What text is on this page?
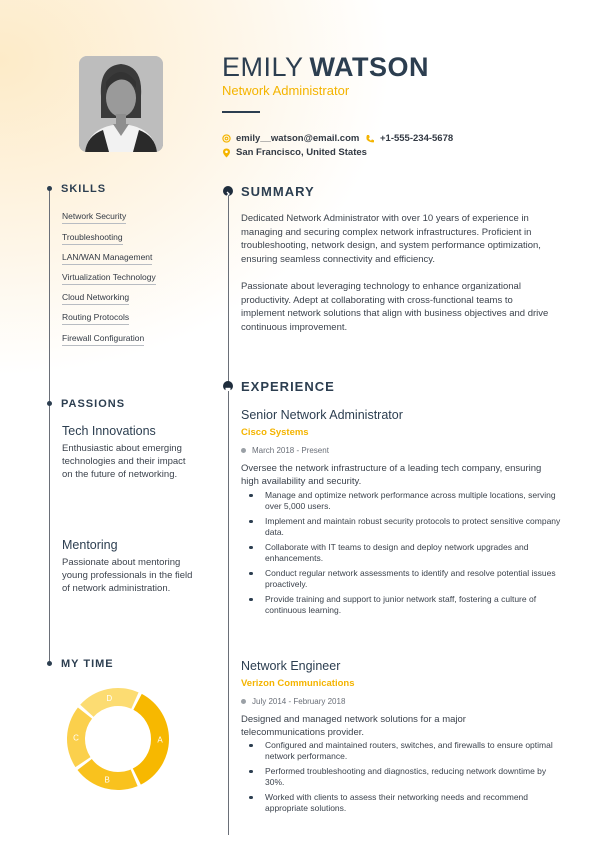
EMILY WATSON
Network Administrator
emily__watson@email.com +1-555-234-5678
San Francisco, United States
SKILLS
Network Security
Troubleshooting
LAN/WAN Management
Virtualization Technology
Cloud Networking
Routing Protocols
Firewall Configuration
PASSIONS
Tech Innovations
Enthusiastic about emerging technologies and their impact on the future of networking.
Mentoring
Passionate about mentoring young professionals in the field of network administration.
MY TIME
A
B
C
D
SUMMARY
Dedicated Network Administrator with over 10 years of experience in managing and securing complex network infrastructures. Proficient in troubleshooting, network design, and system performance optimization, ensuring seamless connectivity and efficiency.
Passionate about leveraging technology to enhance organizational productivity. Adept at collaborating with cross-functional teams to implement network solutions that align with business objectives and drive continuous improvement.
EXPERIENCE
Senior Network Administrator
Cisco Systems
March 2018 - Present
Oversee the network infrastructure of a leading tech company, ensuring high availability and security.
Manage and optimize network performance across multiple locations, serving over 5,000 users.
Implement and maintain robust security protocols to protect sensitive company data.
Collaborate with IT teams to design and deploy network upgrades and enhancements.
Conduct regular network assessments to identify and resolve potential issues proactively.
Provide training and support to junior network staff, fostering a culture of continuous learning.
Network Engineer
Verizon Communications
July 2014 - February 2018
Designed and managed network solutions for a major telecommunications provider.
Configured and maintained routers, switches, and firewalls to ensure optimal network performance.
Performed troubleshooting and diagnostics, reducing network downtime by 30%.
Worked with clients to assess their networking needs and recommend appropriate solutions.
